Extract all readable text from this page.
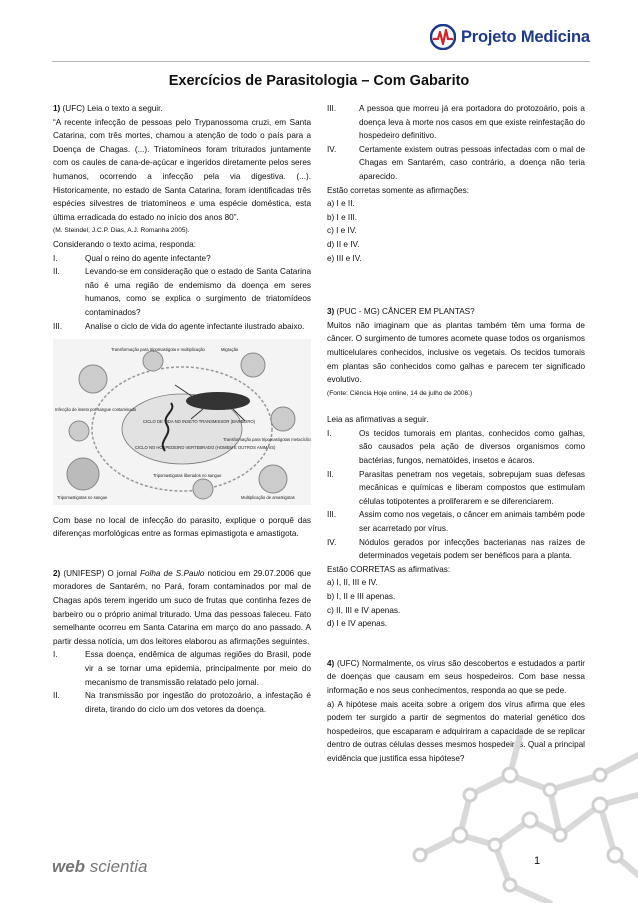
Projeto Medicina
Exercícios de Parasitologia – Com Gabarito

1) (UFC) Leia o texto a seguir.

“A recente infecção de pessoas pelo Trypanossoma cruzi, em Santa Catarina, com três mortes, chamou a atenção de todo o país para a Doença de Chagas. (...). Triatomíneos foram triturados juntamente com os caules de cana-de-açúcar e ingeridos diretamente pelos seres humanos, ocorrendo a infecção pela via digestiva. (...). Historicamente, no estado de Santa Catarina, foram identificadas três espécies silvestres de triatomíneos e uma espécie doméstica, esta última erradicada do estado no início dos anos 80”.

(M. Steindel, J.C.P. Dias, A.J. Romanha 2005).

Considerando o texto acima, responda:

I.	Qual o reino do agente infectante?
II.	Levando-se em consideração que o estado de Santa Catarina não é uma região de endemismo da doença em seres humanos, como se explica o surgimento de triatomídeos contaminados?
III.	Analise o ciclo de vida do agente infectante ilustrado abaixo.
Transformação para tripomastigota e multiplicação	Migração
Infecção de inseto por sangue contaminado
Transformação para tripomastigotas metacíclicos
CICLO DE VIDA NO INSETO TRANSMISSOR (BARBEIRO)
CICLO NO HOSPEDEIRO VERTEBRADO (HOMEM E OUTROS ANIMAIS)
Tripomastigotas no sangue
Tripomastigotas liberados no sangue
Multiplicação de amastigotas

Com base no local de infecção do parasito, explique o porquê das diferenças morfológicas entre as formas epimastigota e amastigota.

2) (UNIFESP) O jornal Folha de S.Paulo noticiou em 29.07.2006 que moradores de Santarém, no Pará, foram contaminados por mal de Chagas após terem ingerido um suco de frutas que continha fezes de barbeiro ou o próprio animal triturado. Uma das pessoas faleceu. Fato semelhante ocorreu em Santa Catarina em março do ano passado. A partir dessa notícia, um dos leitores elaborou as afirmações seguintes.

I.	Essa doença, endêmica de algumas regiões do Brasil, pode vir a se tornar uma epidemia, principalmente por meio do mecanismo de transmissão relatado pelo jornal.
II.	Na transmissão por ingestão do protozoário, a infestação é direta, tirando do ciclo um dos vetores da doença.
III.	A pessoa que morreu já era portadora do protozoário, pois a doença leva à morte nos casos em que existe reinfestação do hospedeiro definitivo.
IV.	Certamente existem outras pessoas infectadas com o mal de Chagas em Santarém, caso contrário, a doença não teria aparecido.

Estão corretas somente as afirmações:

a) I e II.

b) I e III.

c) I e IV.

d) II e IV.

e) III e IV.

3) (PUC - MG) CÂNCER EM PLANTAS?

Muitos não imaginam que as plantas também têm uma forma de câncer. O surgimento de tumores acomete quase todos os organismos multicelulares conhecidos, inclusive os vegetais. Os tecidos tumorais em plantas são conhecidos como galhas e parecem ter significado evolutivo.

(Fonte: Ciência Hoje online, 14 de julho de 2006.)

Leia as afirmativas a seguir.

I.	Os tecidos tumorais em plantas, conhecidos como galhas, são causados pela ação de diversos organismos como bactérias, fungos, nematóides, insetos e ácaros.
II.	Parasitas penetram nos vegetais, sobrepujam suas defesas mecânicas e químicas e liberam compostos que estimulam células totipotentes a proliferarem e se diferenciarem.
III.	Assim como nos vegetais, o câncer em animais também pode ser acarretado por vírus.
IV.	Nódulos gerados por infecções bacterianas nas raízes de determinados vegetais podem ser benéficos para a planta.

Estão CORRETAS as afirmativas:

a) I, II, III e IV.

b) I, II e III apenas.

c) II, III e IV apenas.

d) I e IV apenas.

4) (UFC) Normalmente, os vírus são descobertos e estudados a partir de doenças que causam em seus hospedeiros. Com base nessa informação e nos seus conhecimentos, responda ao que se pede.

a) A hipótese mais aceita sobre a origem dos vírus afirma que eles podem ter surgido a partir de segmentos do material genético dos hospedeiros, que escaparam e adquiriram a capacidade de se replicar dentro de outras células desses mesmos hospedeiros. Qual a principal evidência que justifica essa hipótese?

web scientia	1
